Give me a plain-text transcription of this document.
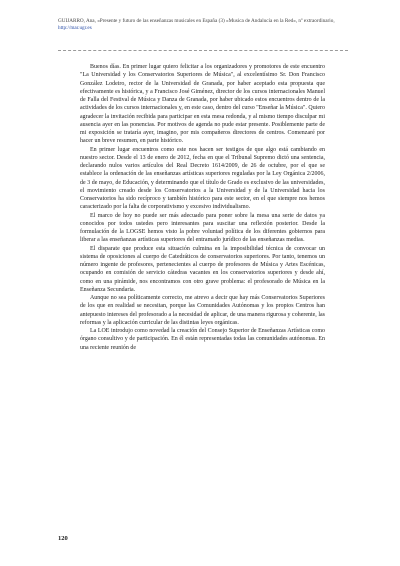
GUIJARRO, Ana, «Presente y futuro de las enseñanzas musicales en España (3) «Musica de Andalucía en la Red», nº extraordinario, http://mar.ugr.es

Buenos días. En primer lugar quiero felicitar a los organizadores y promotores de este encuentro "La Universidad y los Conservatorios Superiores de Música", al excelentísimo Sr. Don Francisco González Lodeiro, rector de la Universidad de Granada, por haber aceptado esta propuesta que efectivamente es histórica, y a Francisco José Giménez, director de los cursos internacionales Manuel de Falla del Festival de Música y Danza de Granada, por haber ubicado estos encuentros dentro de la actividades de los cursos internacionales y, en este caso, dentro del curso "Enseñar la Música". Quiero agradecer la invitación recibida para participar en esta mesa redonda, y al mismo tiempo disculpar mi ausencia ayer en las ponencias. Por motivos de agenda no pude estar presente. Posiblemente parte de mi exposición se trataría ayer, imagino, por mis compañeros directores de centros. Comenzaré por hacer un breve resumen, en parte histórico.

En primer lugar encuentros como este nos hacen ser testigos de que algo está cambiando en nuestro sector. Desde el 13 de enero de 2012, fecha en que el Tribunal Supremo dictó una sentencia, declarando nulos varios artículos del Real Decreto 1614/2009, de 26 de octubre, por el que se establece la ordenación de las enseñanzas artísticas superiores reguladas por la Ley Orgánica 2/2006, de 3 de mayo, de Educación, y determinando que el título de Grado es exclusivo de las universidades, el movimiento creado desde los Conservatorios a la Universidad y de la Universidad hacia los Conservatorios ha sido recíproco y también histórico para este sector, en el que siempre nos hemos caracterizado por la falta de corporativismo y excesivo individualismo.

El marco de hoy no puede ser más adecuado para poner sobre la mesa una serie de datos ya conocidos por todos ustedes pero interesantes para suscitar una reflexión posterior. Desde la formulación de la LOGSE hemos visto la pobre voluntad política de los diferentes gobiernos para liberar a las enseñanzas artísticas superiores del entramado jurídico de las enseñanzas medias.

El disparate que produce esta situación culmina en la imposibilidad técnica de convocar un sistema de oposiciones al cuerpo de Catedráticos de conservatorios superiores. Por tanto, tenemos un número ingente de profesores, pertenecientes al cuerpo de profesores de Música y Artes Escénicas, ocupando en comisión de servicio cátedras vacantes en los conservatorios superiores y desde ahí, como en una pirámide, nos encontramos con otro grave problema: el profesorado de Música en la Enseñanza Secundaria.

Aunque no sea políticamente correcto, me atrevo a decir que hay más Conservatorios Superiores de los que en realidad se necesitan, porque las Comunidades Autónomas y los propios Centros han antepuesto intereses del profesorado a la necesidad de aplicar, de una manera rigurosa y coherente, las reformas y la aplicación curricular de las distintas leyes orgánicas.

La LOE introdujo como novedad la creación del Consejo Superior de Enseñanzas Artísticas como órgano consultivo y de participación. En él están representadas todas las comunidades autónomas. En una reciente reunión de

120
